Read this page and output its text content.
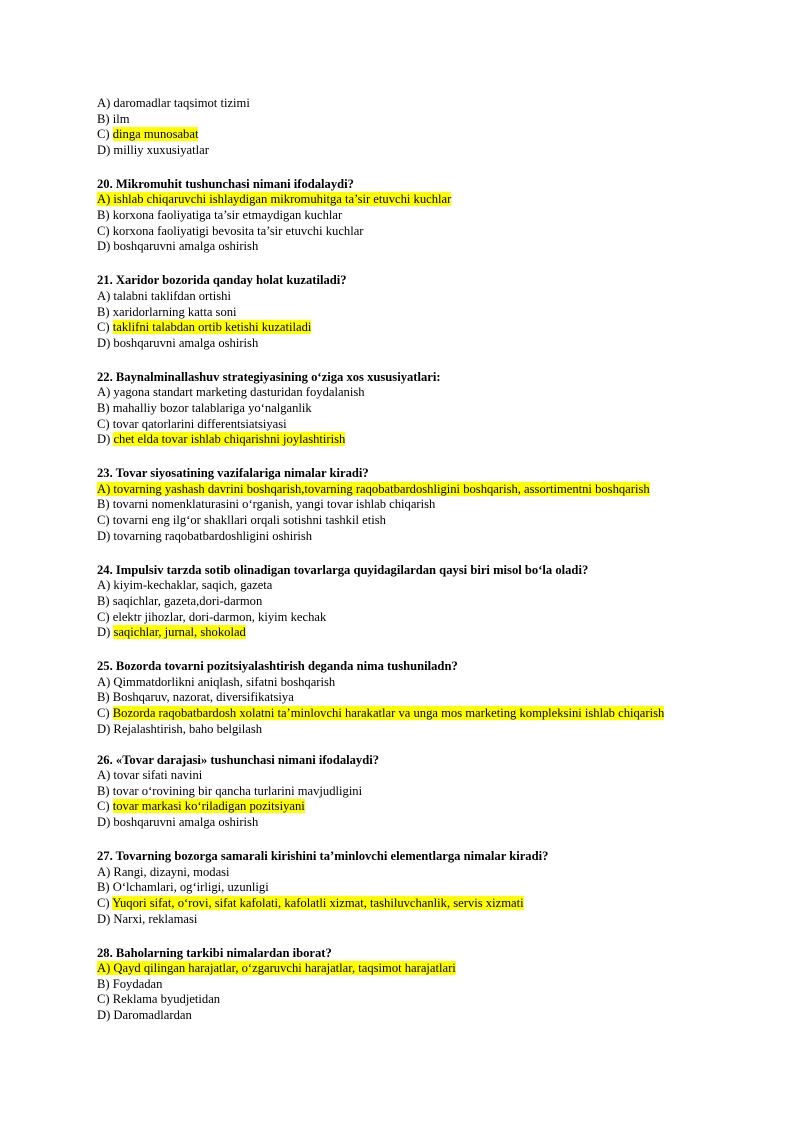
A) daromadlar taqsimot tizimi
B) ilm
C) dinga munosabat
D) milliy xuxusiyatlar
20. Mikromuhit tushunchasi nimani ifodalaydi?
A) ishlab chiqaruvchi ishlaydigan mikromuhitga ta’sir etuvchi kuchlar
B) korxona faoliyatiga ta’sir etmaydigan kuchlar
C) korxona faoliyatigi bevosita ta’sir etuvchi kuchlar
D) boshqaruvni amalga oshirish
21. Xaridor bozorida qanday holat kuzatiladi?
A) talabni taklifdan ortishi
B) xaridorlarning katta soni
C) taklifni talabdan ortib ketishi kuzatiladi
D) boshqaruvni amalga oshirish
22. Baynalminallashuv strategiyasining o‘ziga xos xususiyatlari:
A) yagona standart marketing dasturidan foydalanish
B) mahalliy bozor talablariga yo‘nalganlik
C) tovar qatorlarini differentsiatsiyasi
D) chet elda tovar ishlab chiqarishni joylashtirish
23. Tovar siyosatining vazifalariga nimalar kiradi?
A) tovarning yashash davrini boshqarish,tovarning raqobatbardoshligini boshqarish, assortimentni boshqarish
B) tovarni nomenklaturasini o‘rganish, yangi tovar ishlab chiqarish
C) tovarni eng ilg‘or shakllari orqali sotishni tashkil etish
D) tovarning raqobatbardoshligini oshirish
24. Impulsiv tarzda sotib olinadigan tovarlarga quyidagilardan qaysi biri misol bo‘la oladi?
A) kiyim-kechaklar, saqich, gazeta
B) saqichlar, gazeta,dori-darmon
C) elektr jihozlar, dori-darmon, kiyim kechak
D) saqichlar, jurnal, shokolad
25. Bozorda tovarni pozitsiyalashtirish deganda nima tushuniladn?
A) Qimmatdorlikni aniqlash, sifatni boshqarish
B) Boshqaruv, nazorat, diversifikatsiya
C) Bozorda raqobatbardosh xolatni ta’minlovchi harakatlar va unga mos marketing kompleksini ishlab chiqarish
D) Rejalashtirish, baho belgilash
26. «Tovar darajasi» tushunchasi nimani ifodalaydi?
A) tovar sifati navini
B) tovar o‘rovining bir qancha turlarini mavjudligini
C) tovar markasi ko‘riladigan pozitsiyani
D) boshqaruvni amalga oshirish
27. Tovarning bozorga samarali kirishini ta’minlovchi elementlarga nimalar kiradi?
A) Rangi, dizayni, modasi
B) O‘lchamlari, og‘irligi, uzunligi
C) Yuqori sifat, o‘rovi, sifat kafolati, kafolatli xizmat, tashiluvchanlik, servis xizmati
D) Narxi, reklamasi
28. Baholarning tarkibi nimalardan iborat?
A) Qayd qilingan harajatlar, o‘zgaruvchi harajatlar, taqsimot harajatlari
B) Foydadan
C) Reklama byudjetidan
D) Daromadlardan
